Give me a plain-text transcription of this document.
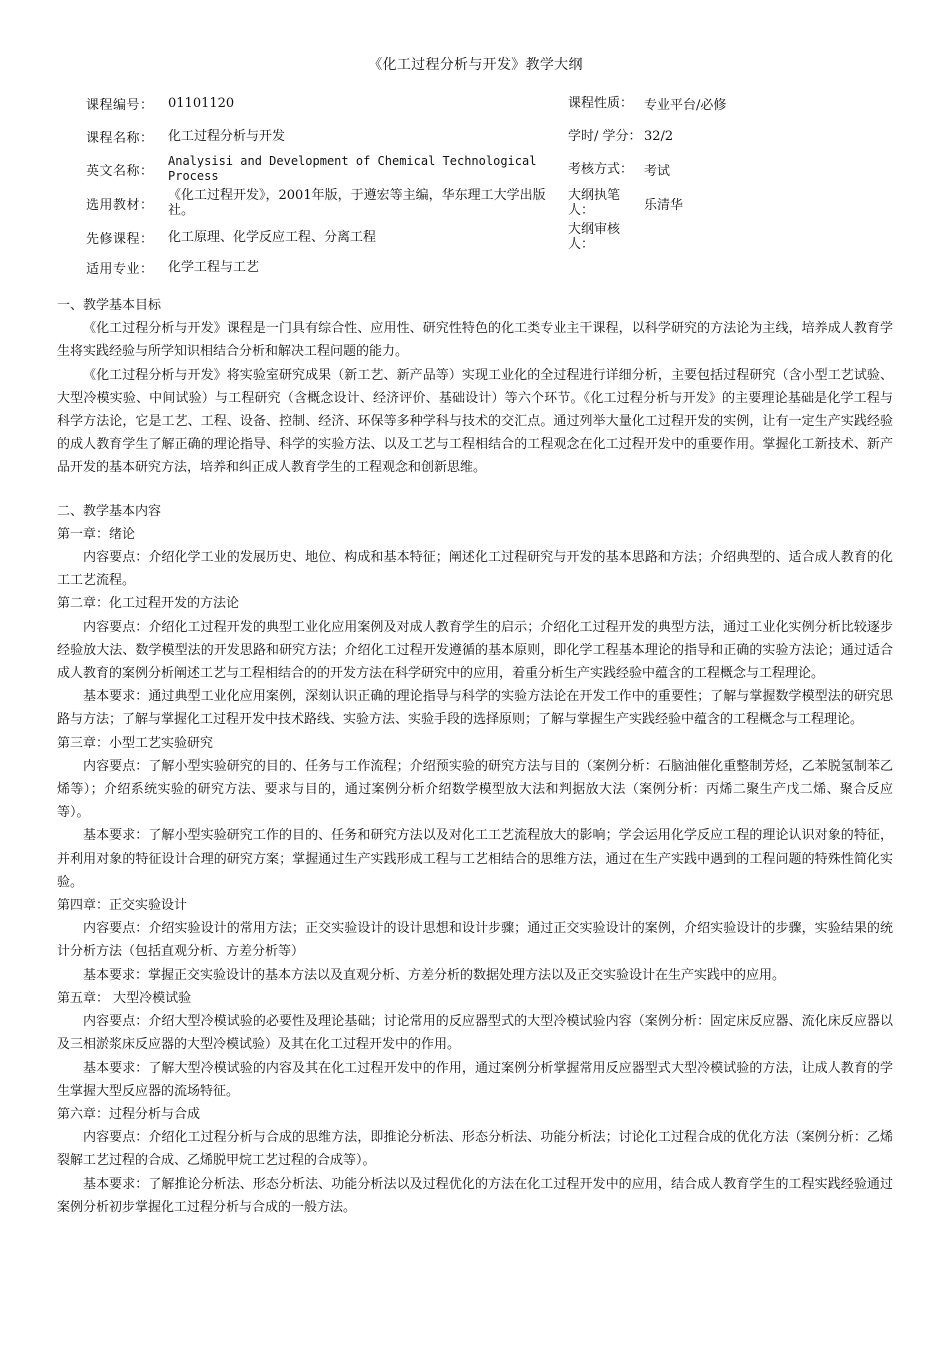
《化工过程分析与开发》教学大纲
课程编号：	01101120	课程性质：	专业平台/必修
课程名称：	化工过程分析与开发	学时/ 学分：	32/2
英文名称：	Analysisi and Development of Chemical Technological Process	考核方式：	考试
选用教材：	《化工过程开发》，2001年版，于遵宏等主编，华东理工大学出版社。	大纲执笔人：	乐清华
先修课程：	化工原理、化学反应工程、分离工程	大纲审核人：	
适用专业：	化学工程与工艺		

一、教学基本目标

《化工过程分析与开发》课程是一门具有综合性、应用性、研究性特色的化工类专业主干课程，以科学研究的方法论为主线，培养成人教育学生将实践经验与所学知识相结合分析和解决工程问题的能力。

《化工过程分析与开发》将实验室研究成果（新工艺、新产品等）实现工业化的全过程进行详细分析，主要包括过程研究（含小型工艺试验、大型冷模实验、中间试验）与工程研究（含概念设计、经济评价、基础设计）等六个环节。《化工过程分析与开发》的主要理论基础是化学工程与科学方法论，它是工艺、工程、设备、控制、经济、环保等多种学科与技术的交汇点。通过列举大量化工过程开发的实例，让有一定生产实践经验的成人教育学生了解正确的理论指导、科学的实验方法、以及工艺与工程相结合的工程观念在化工过程开发中的重要作用。掌握化工新技术、新产品开发的基本研究方法，培养和纠正成人教育学生的工程观念和创新思维。

二、教学基本内容

第一章：绪论

内容要点：介绍化学工业的发展历史、地位、构成和基本特征；阐述化工过程研究与开发的基本思路和方法；介绍典型的、适合成人教育的化工工艺流程。

第二章：化工过程开发的方法论

内容要点：介绍化工过程开发的典型工业化应用案例及对成人教育学生的启示；介绍化工过程开发的典型方法，通过工业化实例分析比较逐步经验放大法、数学模型法的开发思路和研究方法；介绍化工过程开发遵循的基本原则，即化学工程基本理论的指导和正确的实验方法论；通过适合成人教育的案例分析阐述工艺与工程相结合的的开发方法在科学研究中的应用，着重分析生产实践经验中蕴含的工程概念与工程理论。

基本要求：通过典型工业化应用案例，深刻认识正确的理论指导与科学的实验方法论在开发工作中的重要性；了解与掌握数学模型法的研究思路与方法；了解与掌握化工过程开发中技术路线、实验方法、实验手段的选择原则；了解与掌握生产实践经验中蕴含的工程概念与工程理论。

第三章：小型工艺实验研究

内容要点：了解小型实验研究的目的、任务与工作流程；介绍预实验的研究方法与目的（案例分析：石脑油催化重整制芳烃，乙苯脱氢制苯乙烯等）；介绍系统实验的研究方法、要求与目的，通过案例分析介绍数学模型放大法和判据放大法（案例分析：丙烯二聚生产戊二烯、聚合反应等）。

基本要求：了解小型实验研究工作的目的、任务和研究方法以及对化工工艺流程放大的影响；学会运用化学反应工程的理论认识对象的特征，并利用对象的特征设计合理的研究方案；掌握通过生产实践形成工程与工艺相结合的思维方法，通过在生产实践中遇到的工程问题的特殊性简化实验。

第四章：正交实验设计

内容要点：介绍实验设计的常用方法；正交实验设计的设计思想和设计步骤；通过正交实验设计的案例，介绍实验设计的步骤，实验结果的统计分析方法（包括直观分析、方差分析等）

基本要求：掌握正交实验设计的基本方法以及直观分析、方差分析的数据处理方法以及正交实验设计在生产实践中的应用。

第五章： 大型冷模试验

内容要点：介绍大型冷模试验的必要性及理论基础；讨论常用的反应器型式的大型冷模试验内容（案例分析：固定床反应器、流化床反应器以及三相淤浆床反应器的大型冷模试验）及其在化工过程开发中的作用。

基本要求：了解大型冷模试验的内容及其在化工过程开发中的作用，通过案例分析掌握常用反应器型式大型冷模试验的方法，让成人教育的学生掌握大型反应器的流场特征。

第六章：过程分析与合成

内容要点：介绍化工过程分析与合成的思维方法，即推论分析法、形态分析法、功能分析法；讨论化工过程合成的优化方法（案例分析：乙烯裂解工艺过程的合成、乙烯脱甲烷工艺过程的合成等）。

基本要求：了解推论分析法、形态分析法、功能分析法以及过程优化的方法在化工过程开发中的应用，结合成人教育学生的工程实践经验通过案例分析初步掌握化工过程分析与合成的一般方法。
